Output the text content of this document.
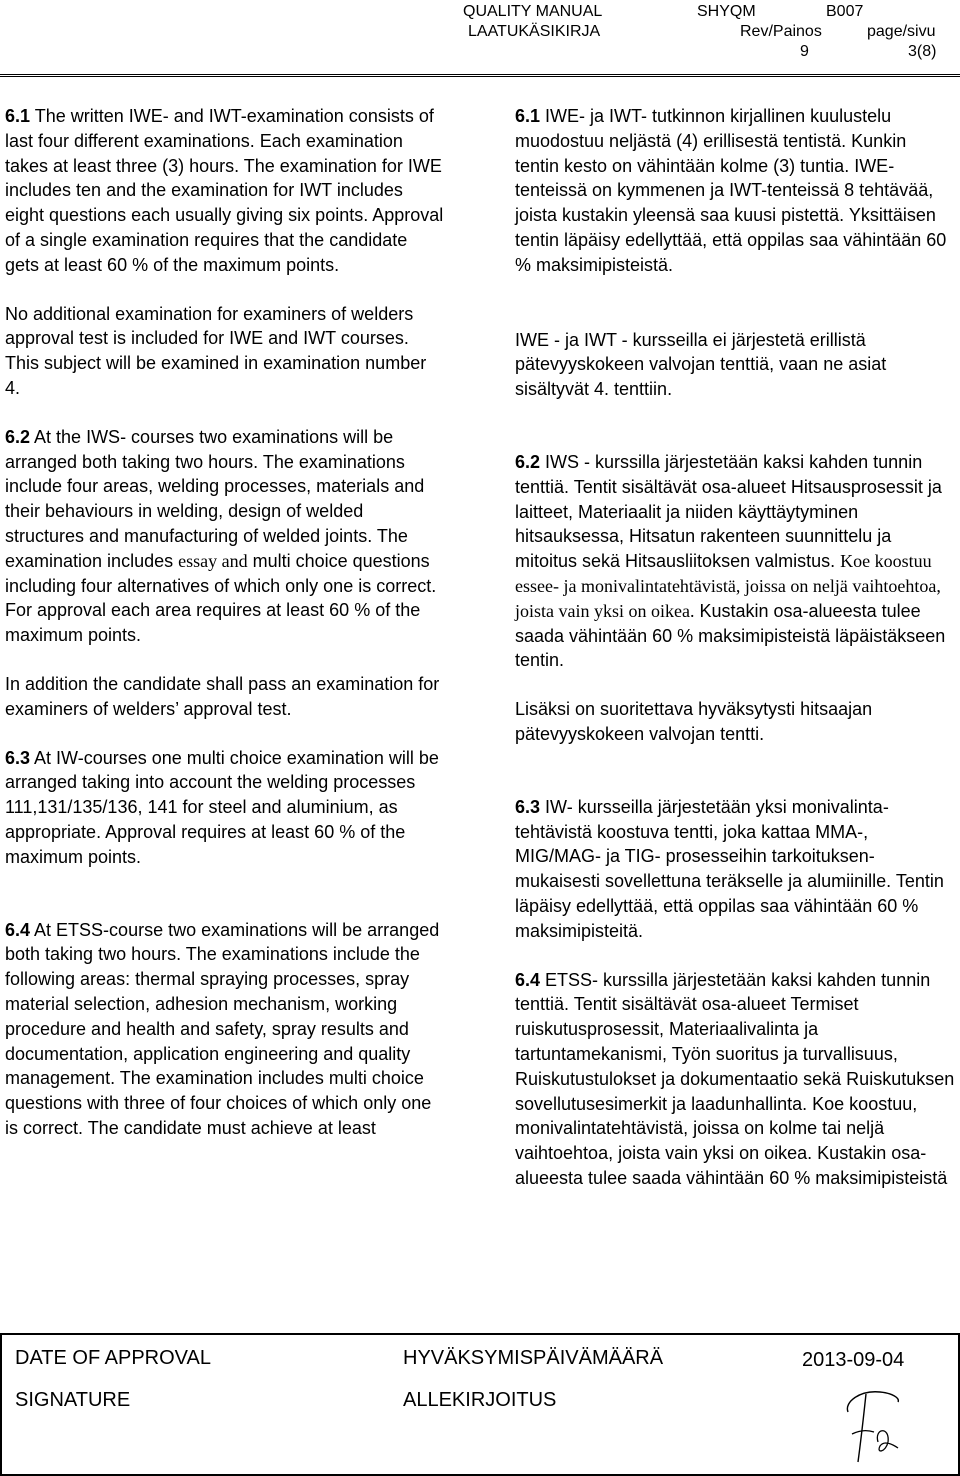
QUALITY MANUAL
LAATUKÄSIKIRJA
SHYQM	B007
Rev/Painos	page/sivu
9	3(8)

6.1 The written IWE- and IWT-examination consists of last four different examinations. Each examination takes at least three (3) hours. The examination for IWE includes ten and the examination for IWT includes eight questions each usually giving six points. Approval of a single examination requires that the candidate gets at least 60 % of the maximum points.

No additional examination for examiners of welders approval test is included for IWE and IWT courses. This subject will be examined in examination number 4.

6.2 At the IWS- courses two examinations will be arranged both taking two hours. The examinations include four areas, welding processes, materials and their behaviours in welding, design of welded structures and manufacturing of welded joints. The examination includes essay and multi choice questions including four alternatives of which only one is correct. For approval each area requires at least 60 % of the maximum points.

In addition the candidate shall pass an examination for examiners of welders’ approval test.

6.3 At IW-courses one multi choice examination will be arranged taking into account the welding processes 111,131/135/136, 141 for steel and aluminium, as appropriate. Approval requires at least 60 % of the maximum points.

6.4 At ETSS-course two examinations will be arranged both taking two hours. The examinations include the following areas: thermal spraying processes, spray material selection, adhesion mechanism, working procedure and health and safety, spray results and documentation, application engineering and quality management. The examination includes multi choice questions with three of four choices of which only one is correct. The candidate must achieve at least

6.1 IWE- ja IWT- tutkinnon kirjallinen kuulustelu muodostuu neljästä (4) erillisestä tentistä. Kunkin tentin kesto on vähintään kolme (3) tuntia. IWE- tenteissä on kymmenen ja IWT-tenteissä 8 tehtävää, joista kustakin yleensä saa kuusi pistettä. Yksittäisen tentin läpäisy edellyttää, että oppilas saa vähintään 60 % maksimipisteistä.

IWE - ja IWT - kursseilla ei järjestetä erillistä pätevyyskokeen valvojan tenttiä, vaan ne asiat sisältyvät 4. tenttiin.

6.2 IWS - kurssilla järjestetään kaksi kahden tunnin tenttiä. Tentit sisältävät osa-alueet Hitsausprosessit ja laitteet, Materiaalit ja niiden käyttäytyminen hitsauksessa, Hitsatun rakenteen suunnittelu ja mitoitus sekä Hitsausliitoksen valmistus. Koe koostuu essee- ja monivalintatehtävistä, joissa on neljä vaihtoehtoa, joista vain yksi on oikea. Kustakin osa-alueesta tulee saada vähintään 60 % maksimipisteistä läpäistäkseen tentin.

Lisäksi on suoritettava hyväksytysti hitsaajan pätevyyskokeen valvojan tentti.

6.3 IW- kursseilla järjestetään yksi monivalinta-tehtävistä koostuva tentti, joka kattaa MMA-, MIG/MAG- ja TIG- prosesseihin tarkoituksen-mukaisesti sovellettuna teräkselle ja alumiinille. Tentin läpäisy edellyttää, että oppilas saa vähintään 60 % maksimipisteitä.

6.4 ETSS- kurssilla järjestetään kaksi kahden tunnin tenttiä. Tentit sisältävät osa-alueet Termiset ruiskutusprosessit, Materiaalivalinta ja tartuntamekanismi, Työn suoritus ja turvallisuus, Ruiskutustulokset ja dokumentaatio sekä Ruiskutuksen sovellutusesimerkit ja laadunhallinta. Koe koostuu, monivalintatehtävistä, joissa on kolme tai neljä vaihtoehtoa, joista vain yksi on oikea. Kustakin osa-alueesta tulee saada vähintään 60 % maksimipisteistä

DATE OF APPROVAL	HYVÄKSYMISPÄIVÄMÄÄRÄ	2013-09-04
SIGNATURE	ALLEKIRJOITUS
